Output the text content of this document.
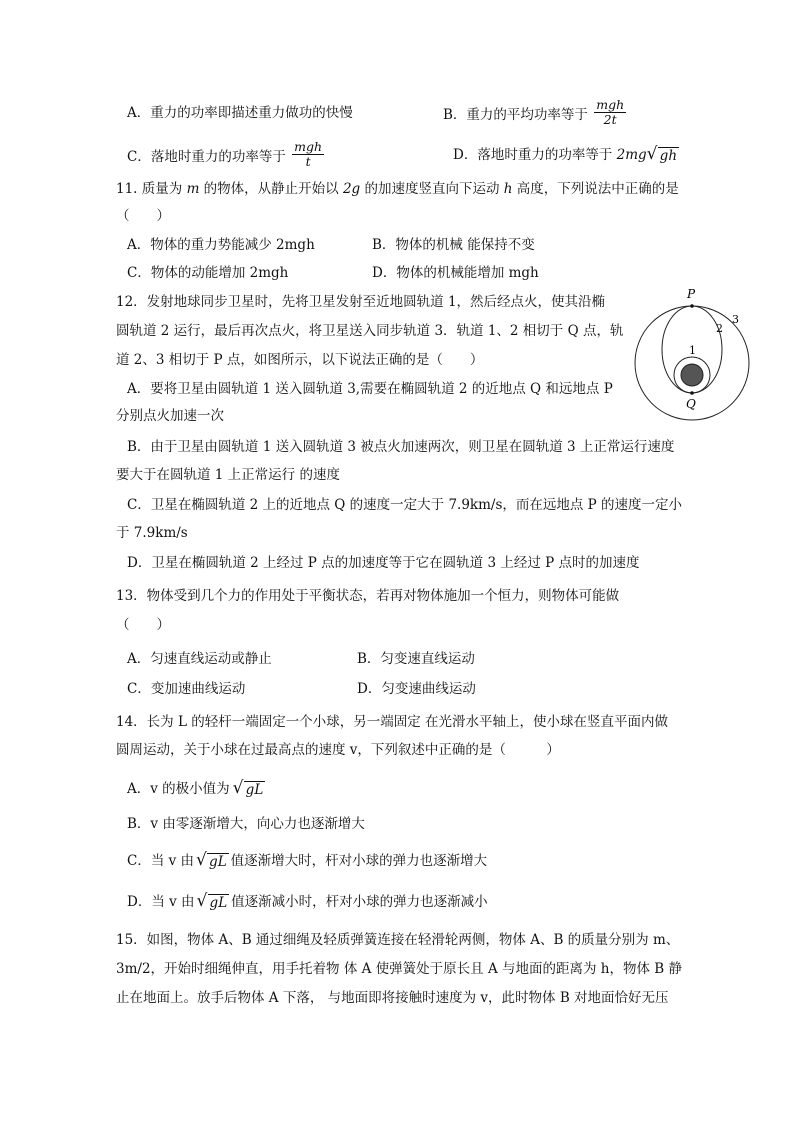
A．重力的功率即描述重力做功的快慢	B．重力的平均功率等于 $\frac{\text{mgh}}{2t}$
C．落地时重力的功率等于 $\frac{\text{mgh}}{t}$	D．落地时重力的功率等于 2mg √ gh
11. 质量为 m 的物体，从静止开始以 2g 的加速度竖直向下运动 h 高度，下列说法中正确的是
（　　）
A．物体的重力势能减少 2mgh	B．物体的机械 能保持不变
C．物体的动能增加 2mgh	D．物体的机械能增加 mgh
12．发射地球同步卫星时，先将卫星发射至近地圆轨道 1，然后经点火，使其沿椭
圆轨道 2 运行，最后再次点火，将卫星送入同步轨道 3．轨道 1、2 相切于 Q 点，轨
道 2、3 相切于 P 点，如图所示，以下说法正确的是（　　）
A．要将卫星由圆轨道 1 送入圆轨道 3,需要在椭圆轨道 2 的近地点 Q 和远地点 P
分别点火加速一次
B．由于卫星由圆轨道 1 送入圆轨道 3 被点火加速两次，则卫星在圆轨道 3 上正常运行速度
要大于在圆轨道 1 上正常运行 的速度
C．卫星在椭圆轨道 2 上的近地点 Q 的速度一定大于 7.9km/s，而在远地点 P 的速度一定小
于 7.9km/s
D．卫星在椭圆轨道 2 上经过 P 点的加速度等于它在圆轨道 3 上经过 P 点时的加速度
P
Q
1
2
3
13．物体受到几个力的作用处于平衡状态，若再对物体施加一个恒力，则物体可能做
（　　）
A．匀速直线运动或静止	B．匀变速直线运动
C．变加速曲线运动	D．匀变速曲线运动
14．长为 L 的轻杆一端固定一个小球，另一端固定 在光滑水平轴上，使小球在竖直平面内做
圆周运动，关于小球在过最高点的速度 v，下列叙述中正确的是（　　　）
A．v 的极小值为 √ gL
B．v 由零逐渐增大，向心力也逐渐增大
C．当 v 由 √ gL 值逐渐增大时，杆对小球的弹力也逐渐增大
D．当 v 由 √ gL 值逐渐减小时，杆对小球的弹力也逐渐减小
15．如图，物体 A、B 通过细绳及轻质弹簧连接在轻滑轮两侧，物体 A、B 的质量分别为 m、
3m/2，开始时细绳伸直，用手托着物 体 A 使弹簧处于原长且 A 与地面的距离为 h，物体 B 静
止在地面上。放手后物体 A 下落， 与地面即将接触时速度为 v，此时物体 B 对地面恰好无压
